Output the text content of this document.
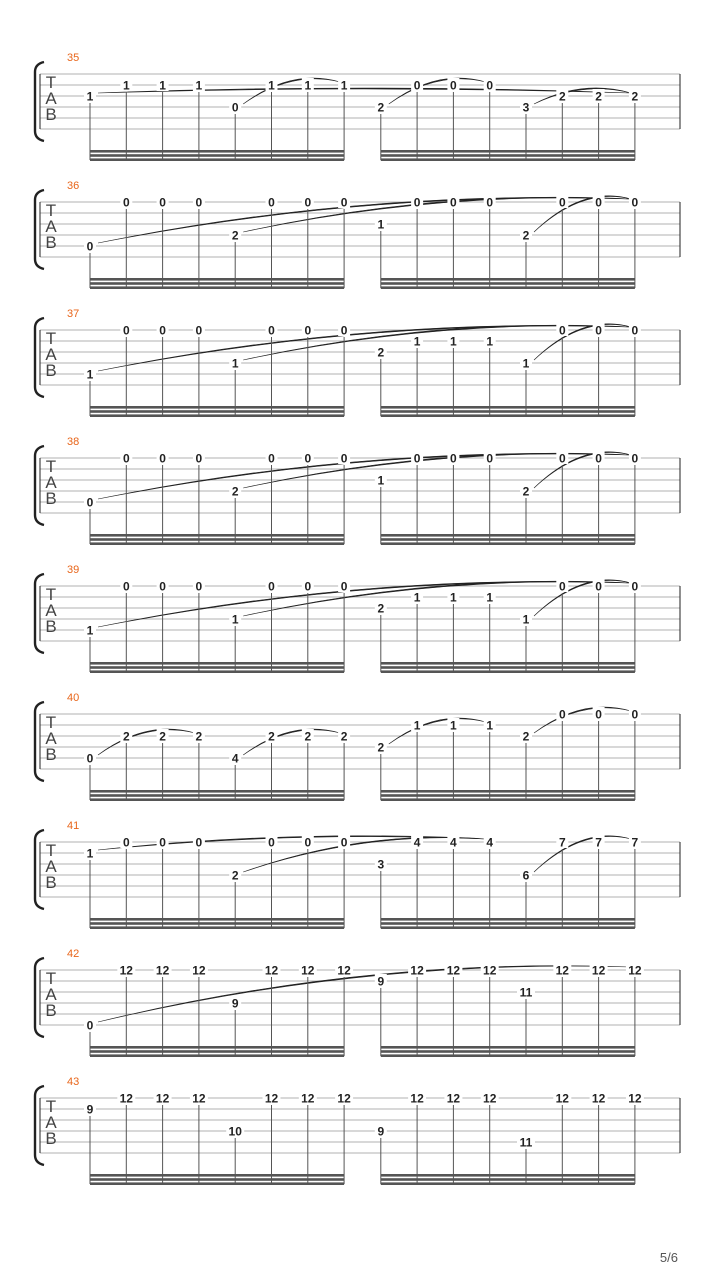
35
T
A
B
1
1 1 1
0
1 1 1
2
0 0 0
3
2 2 2
36
T
A
B 0
0 0 0
2
0 0 0
1
0 0 0
2
0 0 0
37
T
A
B 1
0 0 0
1
0 0 0
2
1 1 1
1
0 0 0
38
T
A
B 0
0 0 0
2
0 0 0
1
0 0 0
2
0 0 0
39
T
A
B 1
0 0 0
1
0 0 0
2
1 1 1
1
0 0 0
40
T
A
B 0
2 2 2
4
2 2 2
2
1 1 1
2
0 0 0
41
T
A
B
1
0 0 0
2
0 0 0
3
4 4 4
6
7 7 7
42
T
A
B
0
12 12 12
9
12 12 12
9
12 12 12
11
12 12 12
43
T
A
B
9
12 12 12
10
12 12 12
9
12 12 12
11
12 12 12
5/6
